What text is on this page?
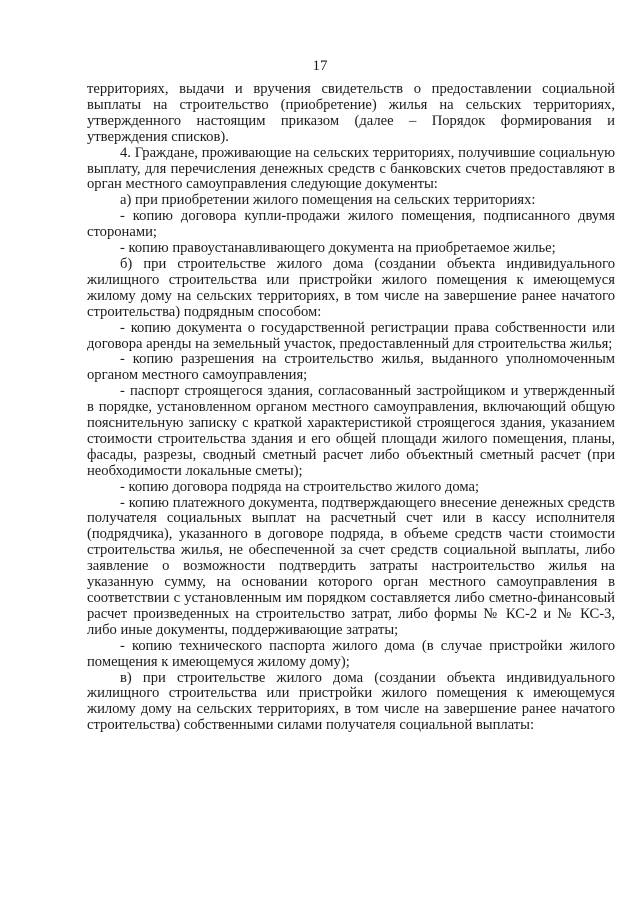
17

территориях, выдачи и вручения свидетельств о предоставлении социальной выплаты на строительство (приобретение) жилья на сельских территориях, утвержденного настоящим приказом (далее – Порядок формирования и утверждения списков).

4. Граждане, проживающие на сельских территориях, получившие социальную выплату, для перечисления денежных средств с банковских счетов предоставляют в орган местного самоуправления следующие документы:

а) при приобретении жилого помещения на сельских территориях:

- копию договора купли-продажи жилого помещения, подписанного двумя сторонами;

- копию правоустанавливающего документа на приобретаемое жилье;

б) при строительстве жилого дома (создании объекта индивидуального жилищного строительства или пристройки жилого помещения к имеющемуся жилому дому на сельских территориях, в том числе на завершение ранее начатого строительства) подрядным способом:

- копию документа о государственной регистрации права собственности или договора аренды на земельный участок, предоставленный для строительства жилья;

- копию разрешения на строительство жилья, выданного уполномоченным органом местного самоуправления;

- паспорт строящегося здания, согласованный застройщиком и утвержденный в порядке, установленном органом местного самоуправления, включающий общую пояснительную записку с краткой характеристикой строящегося здания, указанием стоимости строительства здания и его общей площади жилого помещения, планы, фасады, разрезы, сводный сметный расчет либо объектный сметный расчет (при необходимости локальные сметы);

- копию договора подряда на строительство жилого дома;

- копию платежного документа, подтверждающего внесение денежных средств получателя социальных выплат на расчетный счет или в кассу исполнителя (подрядчика), указанного в договоре подряда, в объеме средств части стоимости строительства жилья, не обеспеченной за счет средств социальной выплаты, либо заявление о возможности подтвердить затраты настроительство жилья на указанную сумму, на основании которого орган местного самоуправления в соответствии с установленным им порядком составляется либо сметно-финансовый расчет произведенных на строительство затрат, либо формы № КС-2 и № КС-3, либо иные документы, поддерживающие затраты;

- копию технического паспорта жилого дома (в случае пристройки жилого помещения к имеющемуся жилому дому);

в) при строительстве жилого дома (создании объекта индивидуального жилищного строительства или пристройки жилого помещения к имеющемуся жилому дому на сельских территориях, в том числе на завершение ранее начатого строительства) собственными силами получателя социальной выплаты:
